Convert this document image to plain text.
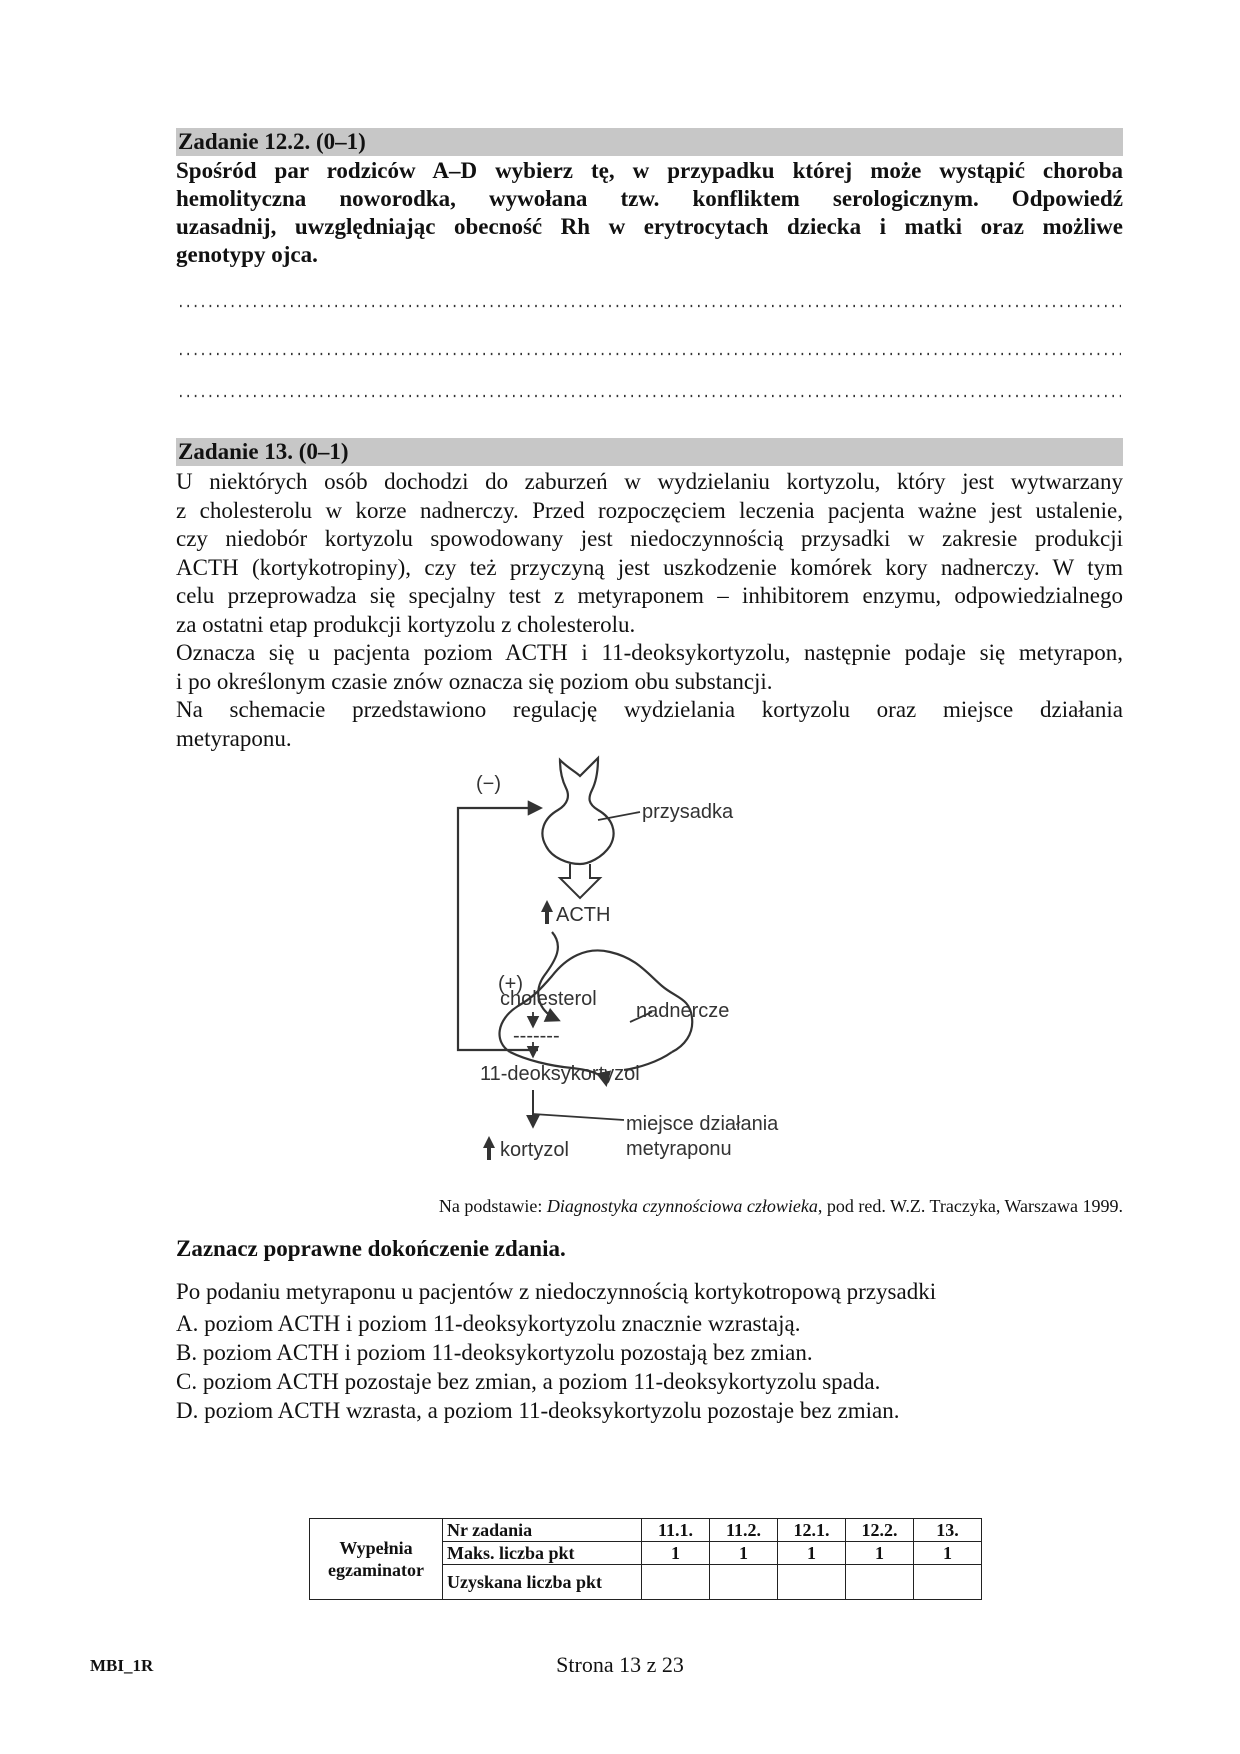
Zadanie 12.2. (0–1)

Spośród par rodziców A–D wybierz tę, w przypadku której może wystąpić choroba

hemolityczna noworodka, wywołana tzw. konfliktem serologicznym. Odpowiedź

uzasadnij, uwzględniając obecność Rh w erytrocytach dziecka i matki oraz możliwe

genotypy ojca.

Zadanie 13. (0–1)

U niektórych osób dochodzi do zaburzeń w wydzielaniu kortyzolu, który jest wytwarzany

z cholesterolu w korze nadnerczy. Przed rozpoczęciem leczenia pacjenta ważne jest ustalenie,

czy niedobór kortyzolu spowodowany jest niedoczynnością przysadki w zakresie produkcji

ACTH (kortykotropiny), czy też przyczyną jest uszkodzenie komórek kory nadnerczy. W tym

celu przeprowadza się specjalny test z metyraponem – inhibitorem enzymu, odpowiedzialnego

za ostatni etap produkcji kortyzolu z cholesterolu.

Oznacza się u pacjenta poziom ACTH i 11-deoksykortyzolu, następnie podaje się metyrapon,

i po określonym czasie znów oznacza się poziom obu substancji.

Na schemacie przedstawiono regulację wydzielania kortyzolu oraz miejsce działania

metyraponu.

przysadka
ACTH
(+)
(−)
nadnercze
cholesterol
-------
11-deoksykortyzol
miejsce działania
metyraponu
kortyzol
Na podstawie: Diagnostyka czynnościowa człowieka, pod red. W.Z. Traczyka, Warszawa 1999.
Zaznacz poprawne dokończenie zdania.
Po podaniu metyraponu u pacjentów z niedoczynnością kortykotropową przysadki
A. poziom ACTH i poziom 11-deoksykortyzolu znacznie wzrastają.
B. poziom ACTH i poziom 11-deoksykortyzolu pozostają bez zmian.
C. poziom ACTH pozostaje bez zmian, a poziom 11-deoksykortyzolu spada.
D. poziom ACTH wzrasta, a poziom 11-deoksykortyzolu pozostaje bez zmian.
Wypełnia
egzaminator	Nr zadania	11.1.	11.2.	12.1.	12.2.	13.
	Maks. liczba pkt	1	1	1	1	1
	Uzyskana liczba pkt					
MBI_1R	Strona 13 z 23
